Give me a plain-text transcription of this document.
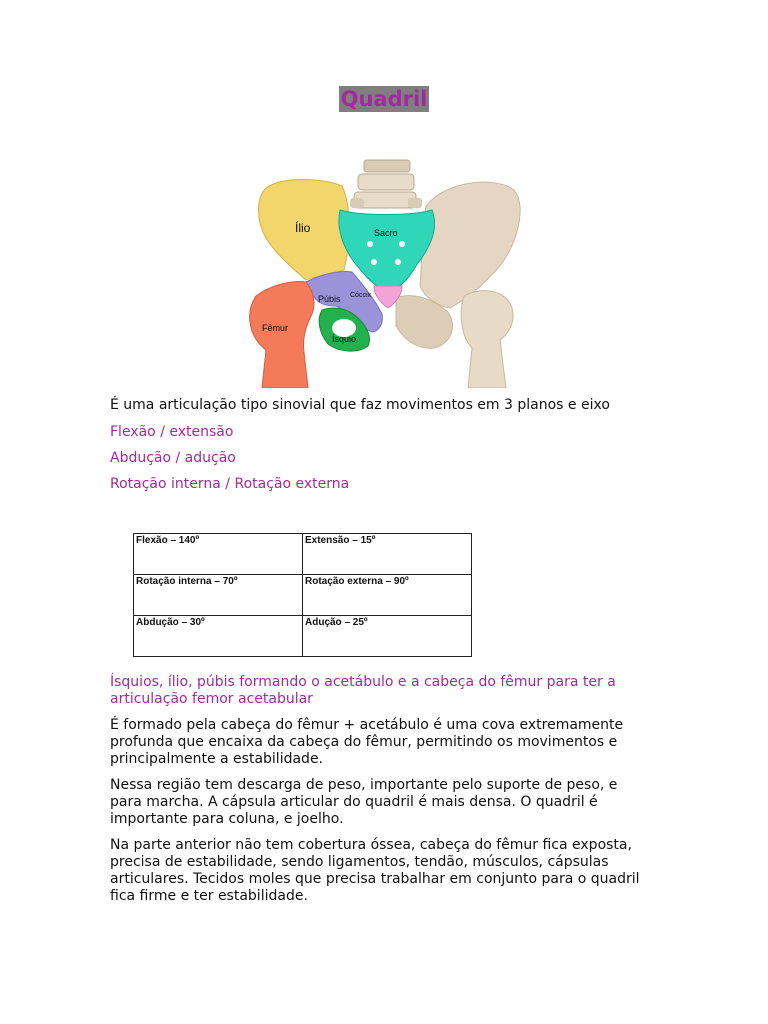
Quadril
Ílio	Sacro
Cóccix
Púbis
Fêmur
Ísquio

É uma articulação tipo sinovial que faz movimentos em 3 planos e eixo

Flexão / extensão

Abdução / adução

Rotação interna / Rotação externa

Flexão – 140º	Extensão – 15º
Rotação interna – 70º	Rotação externa – 90º
Abdução – 30º	Adução – 25º

Ísquios, ílio, púbis formando o acetábulo e a cabeça do fêmur para ter a articulação femor acetabular

É formado pela cabeça do fêmur + acetábulo é uma cova extremamente profunda que encaixa da cabeça do fêmur, permitindo os movimentos e principalmente a estabilidade.

Nessa região tem descarga de peso, importante pelo suporte de peso, e para marcha. A cápsula articular do quadril é mais densa. O quadril é importante para coluna, e joelho.

Na parte anterior não tem cobertura óssea, cabeça do fêmur fica exposta, precisa de estabilidade, sendo ligamentos, tendão, músculos, cápsulas articulares. Tecidos moles que precisa trabalhar em conjunto para o quadril fica firme e ter estabilidade.
